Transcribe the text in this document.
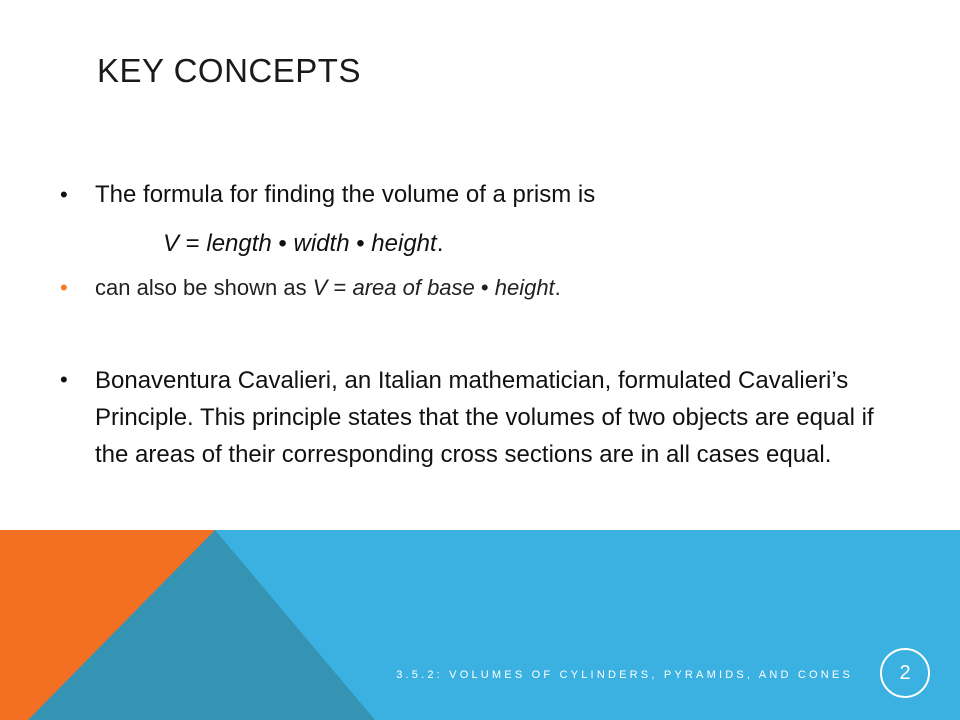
KEY CONCEPTS
• The formula for finding the volume of a prism is
V = length • width • height.
• can also be shown as V = area of base • height.
• Bonaventura Cavalieri, an Italian mathematician, formulated Cavalieri’s Principle. This principle states that the volumes of two objects are equal if the areas of their corresponding cross sections are in all cases equal.
3.5.2: VOLUMES OF CYLINDERS, PYRAMIDS, AND CONES 2
